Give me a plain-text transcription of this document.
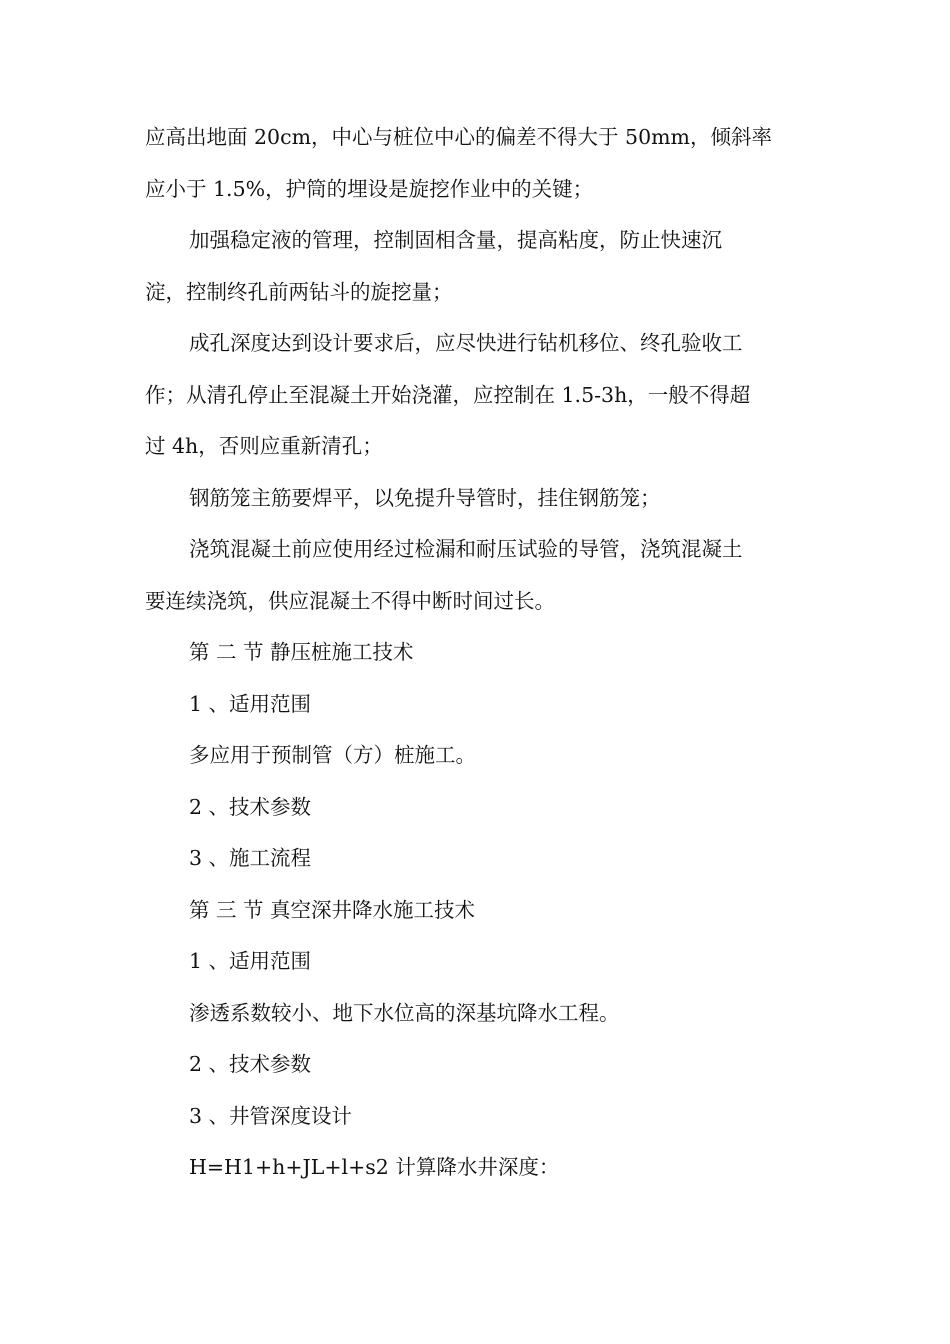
应高出地面 20cm，中心与桩位中心的偏差不得大于 50mm，倾斜率
应小于 1.5%，护筒的埋设是旋挖作业中的关键；
加强稳定液的管理，控制固相含量，提高粘度，防止快速沉
淀，控制终孔前两钻斗的旋挖量；
成孔深度达到设计要求后，应尽快进行钻机移位、终孔验收工
作；从清孔停止至混凝土开始浇灌，应控制在 1.5-3h，一般不得超
过 4h，否则应重新清孔；
钢筋笼主筋要焊平，以免提升导管时，挂住钢筋笼；
浇筑混凝土前应使用经过检漏和耐压试验的导管，浇筑混凝土
要连续浇筑，供应混凝土不得中断时间过长。
第 二 节 静压桩施工技术
1 、适用范围
多应用于预制管（方）桩施工。
2 、技术参数
3 、施工流程
第 三 节 真空深井降水施工技术
1 、适用范围
渗透系数较小、地下水位高的深基坑降水工程。
2 、技术参数
3 、井管深度设计
H=H1+h+JL+l+s2 计算降水井深度：
